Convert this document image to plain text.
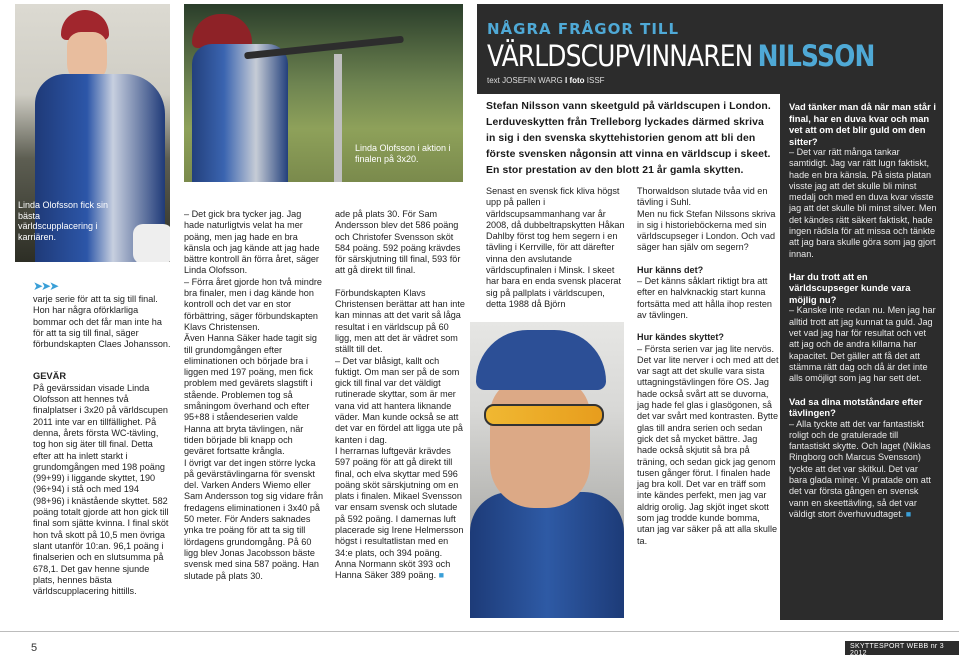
Linda Olofsson fick sin bästa världscupplacering i karriären.
Linda Olofsson i aktion i finalen på 3x20.
NÅGRA FRÅGOR TILL
VÄRLDSCUPVINNAREN NILSSON
text JOSEFIN WARG I foto ISSF
➤➤➤
varje serie för att ta sig till final. Hon har några oförklarliga bommar och det får man inte ha för att ta sig till final, säger förbundskapten Claes Johansson.
GEVÄR
På gevärssidan visade Linda Olofsson att hennes två finalplatser i 3x20 på världscupen 2011 inte var en tillfällighet. På denna, årets första WC-tävling, tog hon sig äter till final. Detta efter att ha inlett starkt i grundomgången med 198 poäng (99+99) i liggande skyttet, 190 (96+94) i stå och med 194 (98+96) i knästående skyttet. 582 poäng totalt gjorde att hon gick till final som sjätte kvinna. I final sköt hon två skott på 10,5 men övriga slant utanför 10:an. 96,1 poäng i finalserien och en slutsumma på 678,1. Det gav henne sjunde plats, hennes bästa världscupplacering hittills.
– Det gick bra tycker jag. Jag hade naturligtvis velat ha mer poäng, men jag hade en bra känsla och jag kände att jag hade bättre kontroll än förra året, säger Linda Olofsson.
– Förra året gjorde hon två mindre bra finaler, men i dag kände hon kontroll och det var en stor förbättring, säger förbundskapten Klavs Christensen.
Även Hanna Säker hade tagit sig till grundomgången efter eliminationen och började bra i liggen med 197 poäng, men fick problem med gevärets slagstift i stående. Problemen tog så småningom överhand och efter 95+88 i ståendeserien valde Hanna att bryta tävlingen, när tiden började bli knapp och geväret fortsatte krångla.
I övrigt var det ingen större lycka på gevärstävlingarna för svenskt del. Varken Anders Wiemo eller Sam Andersson tog sig vidare från fredagens eliminationen i 3x40 på 50 meter. För Anders saknades ynka tre poäng för att ta sig till lördagens grundomgång. På 60 ligg blev Jonas Jacobsson bäste svensk med sina 587 poäng. Han slutade på plats 30.
ade på plats 30. För Sam Andersson blev det 586 poäng och Christofer Svensson sköt 584 poäng. 592 poäng krävdes för särskjutning till final, 593 för att gå direkt till final.
Förbundskapten Klavs Christensen berättar att han inte kan minnas att det varit så låga resultat i en världscup på 60 ligg, men att det är vädret som ställt till det.
– Det var blåsigt, kallt och fuktigt. Om man ser på de som gick till final var det väldigt rutinerade skyttar, som är mer vana vid att hantera liknande väder. Man kunde också se att det var en fördel att ligga ute på kanten i dag.
I herrarnas luftgevär krävdes 597 poäng för att gå direkt till final, och elva skyttar med 596 poäng sköt särskjutning om en plats i finalen. Mikael Svensson var ensam svensk och slutade på 592 poäng. I damernas luft placerade sig Irene Helmersson högst i resultatlistan med en 34:e plats, och 394 poäng. Anna Normann sköt 393 och Hanna Säker 389 poäng. ■
Stefan Nilsson vann skeetguld på världscupen i London. Lerduveskytten från Trelleborg lyckades därmed skriva in sig i den svenska skyttehistorien genom att bli den förste svensken någonsin att vinna en världscup i skeet. En stor prestation av den blott 21 år gamla skytten.
Senast en svensk fick kliva högst upp på pallen i världscupsammanhang var år 2008, då dubbeltrapskytten Håkan Dahlby först tog hem segern i en tävling i Kerrville, för att därefter vinna den avslutande världscupfinalen i Minsk. I skeet har bara en enda svensk placerat sig på pallplats i världscupen, detta 1988 då Björn
Thorwaldson slutade tvåa vid en tävling i Suhl.
Men nu fick Stefan Nilssons skriva in sig i historieböckerna med sin världscupseger i London. Och vad säger han själv om segern?
Hur känns det?
– Det känns såklart riktigt bra att efter en halvknackig start kunna fortsätta med att hålla ihop resten av tävlingen.
Hur kändes skyttet?
– Första serien var jag lite nervös. Det var lite nerver i och med att det var sagt att det skulle vara sista uttagningstävlingen före OS. Jag hade också svårt att se duvorna, jag hade fel glas i glasögonen, så det var svårt med kontrasten. Bytte glas till andra serien och sedan gick det så mycket bättre. Jag hade också skjutit så bra på träning, och sedan gick jag genom tusen gånger förut. I finalen hade jag bra koll. Det var en träff som inte kändes perfekt, men jag var aldrig orolig. Jag skjöt inget skott som jag trodde kunde bomma, utan jag var säker på att alla skulle ta.
Vad tänker man då när man står i final, har en duva kvar och man vet att om det blir guld om den sitter?
– Det var rätt många tankar samtidigt. Jag var rätt lugn faktiskt, hade en bra känsla. På sista platan visste jag att det skulle bli minst medalj och med en duva kvar visste jag att det skulle bli minst silver. Men det kändes rätt säkert faktiskt, hade ingen rädsla för att missa och tänkte att jag bara skulle göra som jag gjort innan.
Har du trott att en världscupseger kunde vara möjlig nu?
– Kanske inte redan nu. Men jag har alltid trott att jag kunnat ta guld. Jag vet vad jag har för resultat och vet att jag och de andra killarna har kapacitet. Det gäller att få det att stämma rätt dag och då är det inte alls omöjligt som jag har sett det.
Vad sa dina motståndare efter tävlingen?
– Alla tyckte att det var fantastiskt roligt och de gratulerade till fantastiskt skytte. Och laget (Niklas Ringborg och Marcus Svensson) tyckte att det var skitkul. Det var bara glada miner. Vi pratade om att det var första gången en svensk vann en skeettävling, så det var väldigt stort överhuvudtaget. ■
5	SKYTTESPORT WEBB nr 3 2012
